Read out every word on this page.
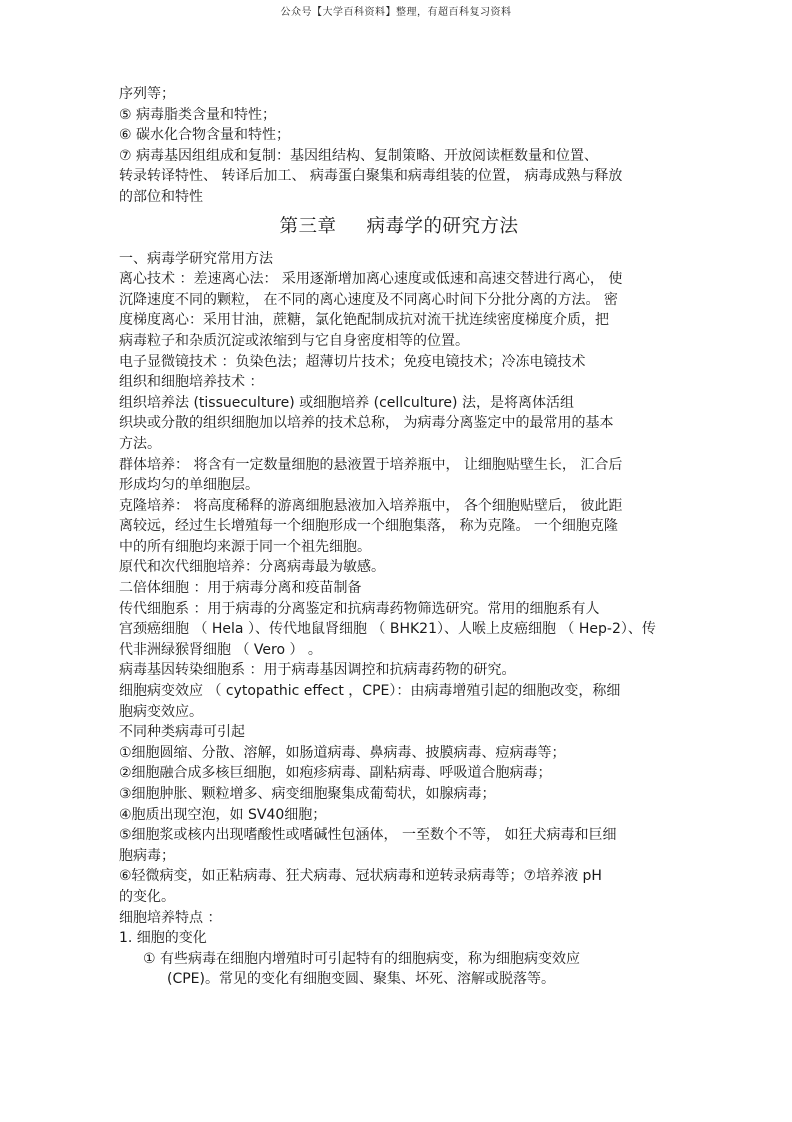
公众号【大学百科资料】整理，有超百科复习资料
序列等；
⑤ 病毒脂类含量和特性；
⑥ 碳水化合物含量和特性；
⑦ 病毒基因组组成和复制：基因组结构、复制策略、开放阅读框数量和位置、
转录转译特性、 转译后加工、 病毒蛋白聚集和病毒组装的位置， 病毒成熟与释放
的部位和特性
第三章 病毒学的研究方法
一、病毒学研究常用方法
离心技术 ：差速离心法： 采用逐渐增加离心速度或低速和高速交替进行离心， 使
沉降速度不同的颗粒， 在不同的离心速度及不同离心时间下分批分离的方法。 密
度梯度离心：采用甘油，蔗糖，氯化铯配制成抗对流干扰连续密度梯度介质，把
病毒粒子和杂质沉淀或浓缩到与它自身密度相等的位置。
电子显微镜技术 ：负染色法；超薄切片技术；免疫电镜技术；冷冻电镜技术
组织和细胞培养技术 ：
组织培养法 (tissueculture) 或细胞培养 (cellculture) 法，是将离体活组
织块或分散的组织细胞加以培养的技术总称， 为病毒分离鉴定中的最常用的基本
方法。
群体培养： 将含有一定数量细胞的悬液置于培养瓶中， 让细胞贴壁生长， 汇合后
形成均匀的单细胞层。
克隆培养： 将高度稀释的游离细胞悬液加入培养瓶中， 各个细胞贴壁后， 彼此距
离较远，经过生长增殖每一个细胞形成一个细胞集落， 称为克隆。 一个细胞克隆
中的所有细胞均来源于同一个祖先细胞。
原代和次代细胞培养：分离病毒最为敏感。
二倍体细胞 ：用于病毒分离和疫苗制备
传代细胞系 ：用于病毒的分离鉴定和抗病毒药物筛选研究。常用的细胞系有人
宫颈癌细胞 （ Hela ）、传代地鼠肾细胞 （ BHK21）、人喉上皮癌细胞 （ Hep-2）、传
代非洲绿猴肾细胞 （ Vero ） 。
病毒基因转染细胞系 ：用于病毒基因调控和抗病毒药物的研究。
细胞病变效应 （ cytopathic effect ，CPE）：由病毒增殖引起的细胞改变，称细
胞病变效应。
不同种类病毒可引起
①细胞圆缩、分散、溶解，如肠道病毒、鼻病毒、披膜病毒、痘病毒等；
②细胞融合成多核巨细胞，如疱疹病毒、副粘病毒、呼吸道合胞病毒；
③细胞肿胀、颗粒增多、病变细胞聚集成葡萄状，如腺病毒；
④胞质出现空泡，如 SV40细胞；
⑤细胞浆或核内出现嗜酸性或嗜碱性包涵体， 一至数个不等， 如狂犬病毒和巨细
胞病毒；
⑥轻微病变，如正粘病毒、狂犬病毒、冠状病毒和逆转录病毒等；⑦培养液 pH
的变化。
细胞培养特点 ：
1. 细胞的变化
① 有些病毒在细胞内增殖时可引起特有的细胞病变，称为细胞病变效应
(CPE)。常见的变化有细胞变圆、聚集、坏死、溶解或脱落等。
